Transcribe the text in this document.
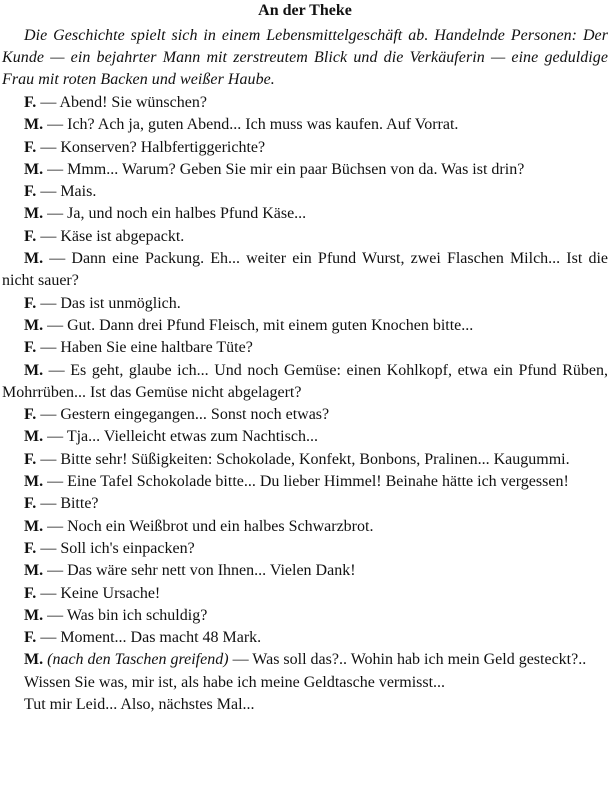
An der Theke

Die Geschichte spielt sich in einem Lebensmittelgeschäft ab. Handelnde Personen: Der Kunde — ein bejahrter Mann mit zerstreutem Blick und die Verkäuferin — eine geduldige Frau mit roten Backen und weißer Haube.

F. — Abend! Sie wünschen?

M. — Ich? Ach ja, guten Abend... Ich muss was kaufen. Auf Vorrat.

F. — Konserven? Halbfertiggerichte?

M. — Mmm... Warum? Geben Sie mir ein paar Büchsen von da. Was ist drin?

F. — Mais.

M. — Ja, und noch ein halbes Pfund Käse...

F. — Käse ist abgepackt.

M. — Dann eine Packung. Eh... weiter ein Pfund Wurst, zwei Flaschen Milch... Ist die nicht sauer?

F. — Das ist unmöglich.

M. — Gut. Dann drei Pfund Fleisch, mit einem guten Knochen bitte...

F. — Haben Sie eine haltbare Tüte?

M. — Es geht, glaube ich... Und noch Gemüse: einen Kohlkopf, etwa ein Pfund Rüben, Mohrrüben... Ist das Gemüse nicht abgelagert?

F. — Gestern eingegangen... Sonst noch etwas?

M. — Tja... Vielleicht etwas zum Nachtisch...

F. — Bitte sehr! Süßigkeiten: Schokolade, Konfekt, Bonbons, Pralinen... Kaugummi.

M. — Eine Tafel Schokolade bitte... Du lieber Himmel! Beinahe hätte ich vergessen!

F. — Bitte?

M. — Noch ein Weißbrot und ein halbes Schwarzbrot.

F. — Soll ich's einpacken?

M. — Das wäre sehr nett von Ihnen... Vielen Dank!

F. — Keine Ursache!

M. — Was bin ich schuldig?

F. — Moment... Das macht 48 Mark.

M. (nach den Taschen greifend) — Was soll das?.. Wohin hab ich mein Geld gesteckt?..

Wissen Sie was, mir ist, als habe ich meine Geldtasche vermisst...

Tut mir Leid... Also, nächstes Mal...
